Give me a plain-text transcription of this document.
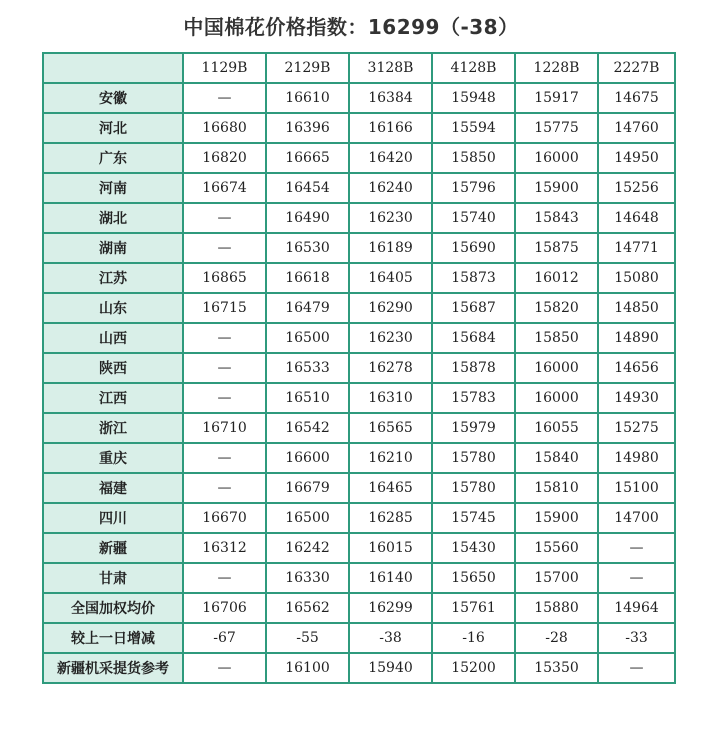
中国棉花价格指数：16299（-38）
	1129B	2129B	3128B	4128B	1228B	2227B
安徽	—	16610	16384	15948	15917	14675
河北	16680	16396	16166	15594	15775	14760
广东	16820	16665	16420	15850	16000	14950
河南	16674	16454	16240	15796	15900	15256
湖北	—	16490	16230	15740	15843	14648
湖南	—	16530	16189	15690	15875	14771
江苏	16865	16618	16405	15873	16012	15080
山东	16715	16479	16290	15687	15820	14850
山西	—	16500	16230	15684	15850	14890
陕西	—	16533	16278	15878	16000	14656
江西	—	16510	16310	15783	16000	14930
浙江	16710	16542	16565	15979	16055	15275
重庆	—	16600	16210	15780	15840	14980
福建	—	16679	16465	15780	15810	15100
四川	16670	16500	16285	15745	15900	14700
新疆	16312	16242	16015	15430	15560	—
甘肃	—	16330	16140	15650	15700	—
全国加权均价	16706	16562	16299	15761	15880	14964
较上一日增减	-67	-55	-38	-16	-28	-33
新疆机采提货参考	—	16100	15940	15200	15350	—
